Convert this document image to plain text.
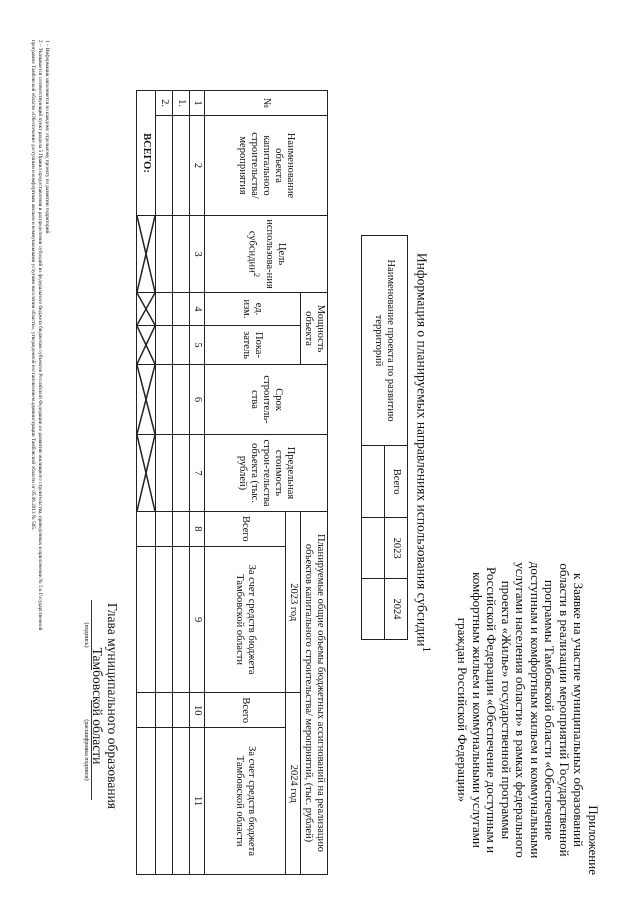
Приложение
к Заявке на участие муниципальных образований
области в реализации мероприятий Государственной
программы Тамбовской области «Обеспечение
доступным и комфортным жильем и коммунальными
услугами населения области» в рамках федерального
проекта «Жилье» государственной программы
Российской Федерации «Обеспечение доступным и
комфортным жильем и коммунальными услугами
граждан Российской Федерации»
Информация о планируемых направлениях использования субсидии$^1$
Наименование проекта по развитию территорий	Всего	2023	2024

№	Наименование объекта капитального строительства/ мероприятия	Цель использова-ния субсидии$^2$	Мощность объекта		Срок строитель-ства	Предельная стоимость строи-тельства объекта (тыс. рублей)	Планируемые общие объемы бюджетных ассигнований на реализацию объектов капитального строительства/ мероприятий, (тыс. рублей)			
			ед. изм.	Пока-затель			2023 год		2024 год	
							Всего	За счет средств бюджета Тамбовской области	Всего	За счет средств бюджета Тамбовской области
1	2	3	4	5	6	7	8	9	10	11
1.										
2.										
ВСЕГО:	

Глава муниципального образования
Тамбовской области
(подпись)
(расшифровка подписи)
1 – Информация заполняется по каждому отдельному проекту по развитию территорий.
2 – Указывается соответствующий пункт раздела 5 Правил предоставления и распределения субсидий из федерального бюджета бюджетам субъектов Российской Федерации по развитию жилищного строительства, приведенных в приложении № 5 к Государственной
программе Тамбовской области «Обеспечение доступным и комфортным жильем и коммунальными услугами населения области», утвержденной постановлением администрации Тамбовской области от 05.06.2013 № 585.
